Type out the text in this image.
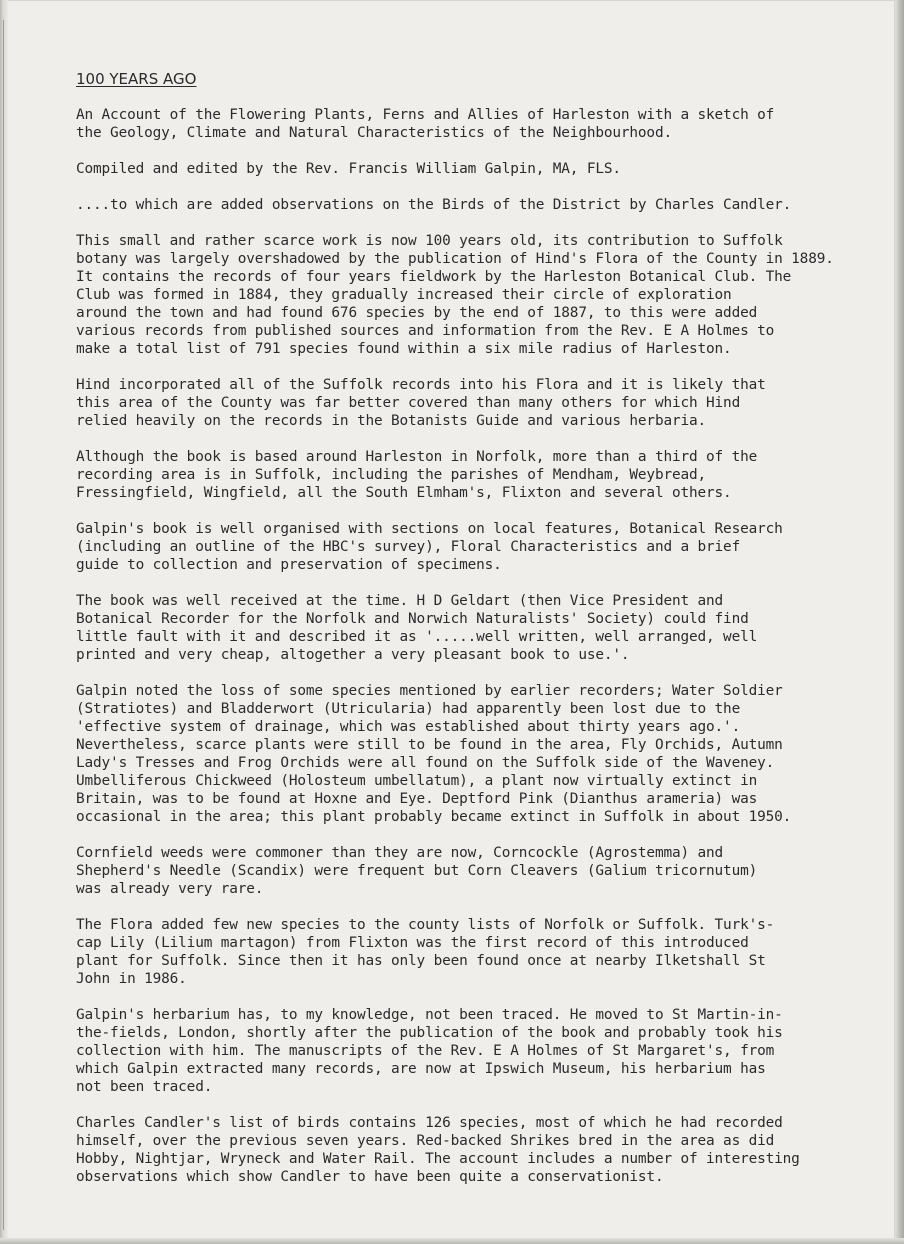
100 YEARS AGO

An Account of the Flowering Plants, Ferns and Allies of Harleston with a sketch of
the Geology, Climate and Natural Characteristics of the Neighbourhood.

Compiled and edited by the Rev. Francis William Galpin, MA, FLS.

....to which are added observations on the Birds of the District by Charles Candler.

This small and rather scarce work is now 100 years old, its contribution to Suffolk
botany was largely overshadowed by the publication of Hind's Flora of the County in 1889.
It contains the records of four years fieldwork by the Harleston Botanical Club. The
Club was formed in 1884, they gradually increased their circle of exploration
around the town and had found 676 species by the end of 1887, to this were added
various records from published sources and information from the Rev. E A Holmes to
make a total list of 791 species found within a six mile radius of Harleston.

Hind incorporated all of the Suffolk records into his Flora and it is likely that
this area of the County was far better covered than many others for which Hind
relied heavily on the records in the Botanists Guide and various herbaria.

Although the book is based around Harleston in Norfolk, more than a third of the
recording area is in Suffolk, including the parishes of Mendham, Weybread,
Fressingfield, Wingfield, all the South Elmham's, Flixton and several others.

Galpin's book is well organised with sections on local features, Botanical Research
(including an outline of the HBC's survey), Floral Characteristics and a brief
guide to collection and preservation of specimens.

The book was well received at the time. H D Geldart (then Vice President and
Botanical Recorder for the Norfolk and Norwich Naturalists' Society) could find
little fault with it and described it as '.....well written, well arranged, well
printed and very cheap, altogether a very pleasant book to use.'.

Galpin noted the loss of some species mentioned by earlier recorders; Water Soldier
(Stratiotes) and Bladderwort (Utricularia) had apparently been lost due to the
'effective system of drainage, which was established about thirty years ago.'.
Nevertheless, scarce plants were still to be found in the area, Fly Orchids, Autumn
Lady's Tresses and Frog Orchids were all found on the Suffolk side of the Waveney.
Umbelliferous Chickweed (Holosteum umbellatum), a plant now virtually extinct in
Britain, was to be found at Hoxne and Eye. Deptford Pink (Dianthus arameria) was
occasional in the area; this plant probably became extinct in Suffolk in about 1950.

Cornfield weeds were commoner than they are now, Corncockle (Agrostemma) and
Shepherd's Needle (Scandix) were frequent but Corn Cleavers (Galium tricornutum)
was already very rare.

The Flora added few new species to the county lists of Norfolk or Suffolk. Turk's-
cap Lily (Lilium martagon) from Flixton was the first record of this introduced
plant for Suffolk. Since then it has only been found once at nearby Ilketshall St
John in 1986.

Galpin's herbarium has, to my knowledge, not been traced. He moved to St Martin-in-
the-fields, London, shortly after the publication of the book and probably took his
collection with him. The manuscripts of the Rev. E A Holmes of St Margaret's, from
which Galpin extracted many records, are now at Ipswich Museum, his herbarium has
not been traced.

Charles Candler's list of birds contains 126 species, most of which he had recorded
himself, over the previous seven years. Red-backed Shrikes bred in the area as did
Hobby, Nightjar, Wryneck and Water Rail. The account includes a number of interesting
observations which show Candler to have been quite a conservationist.
